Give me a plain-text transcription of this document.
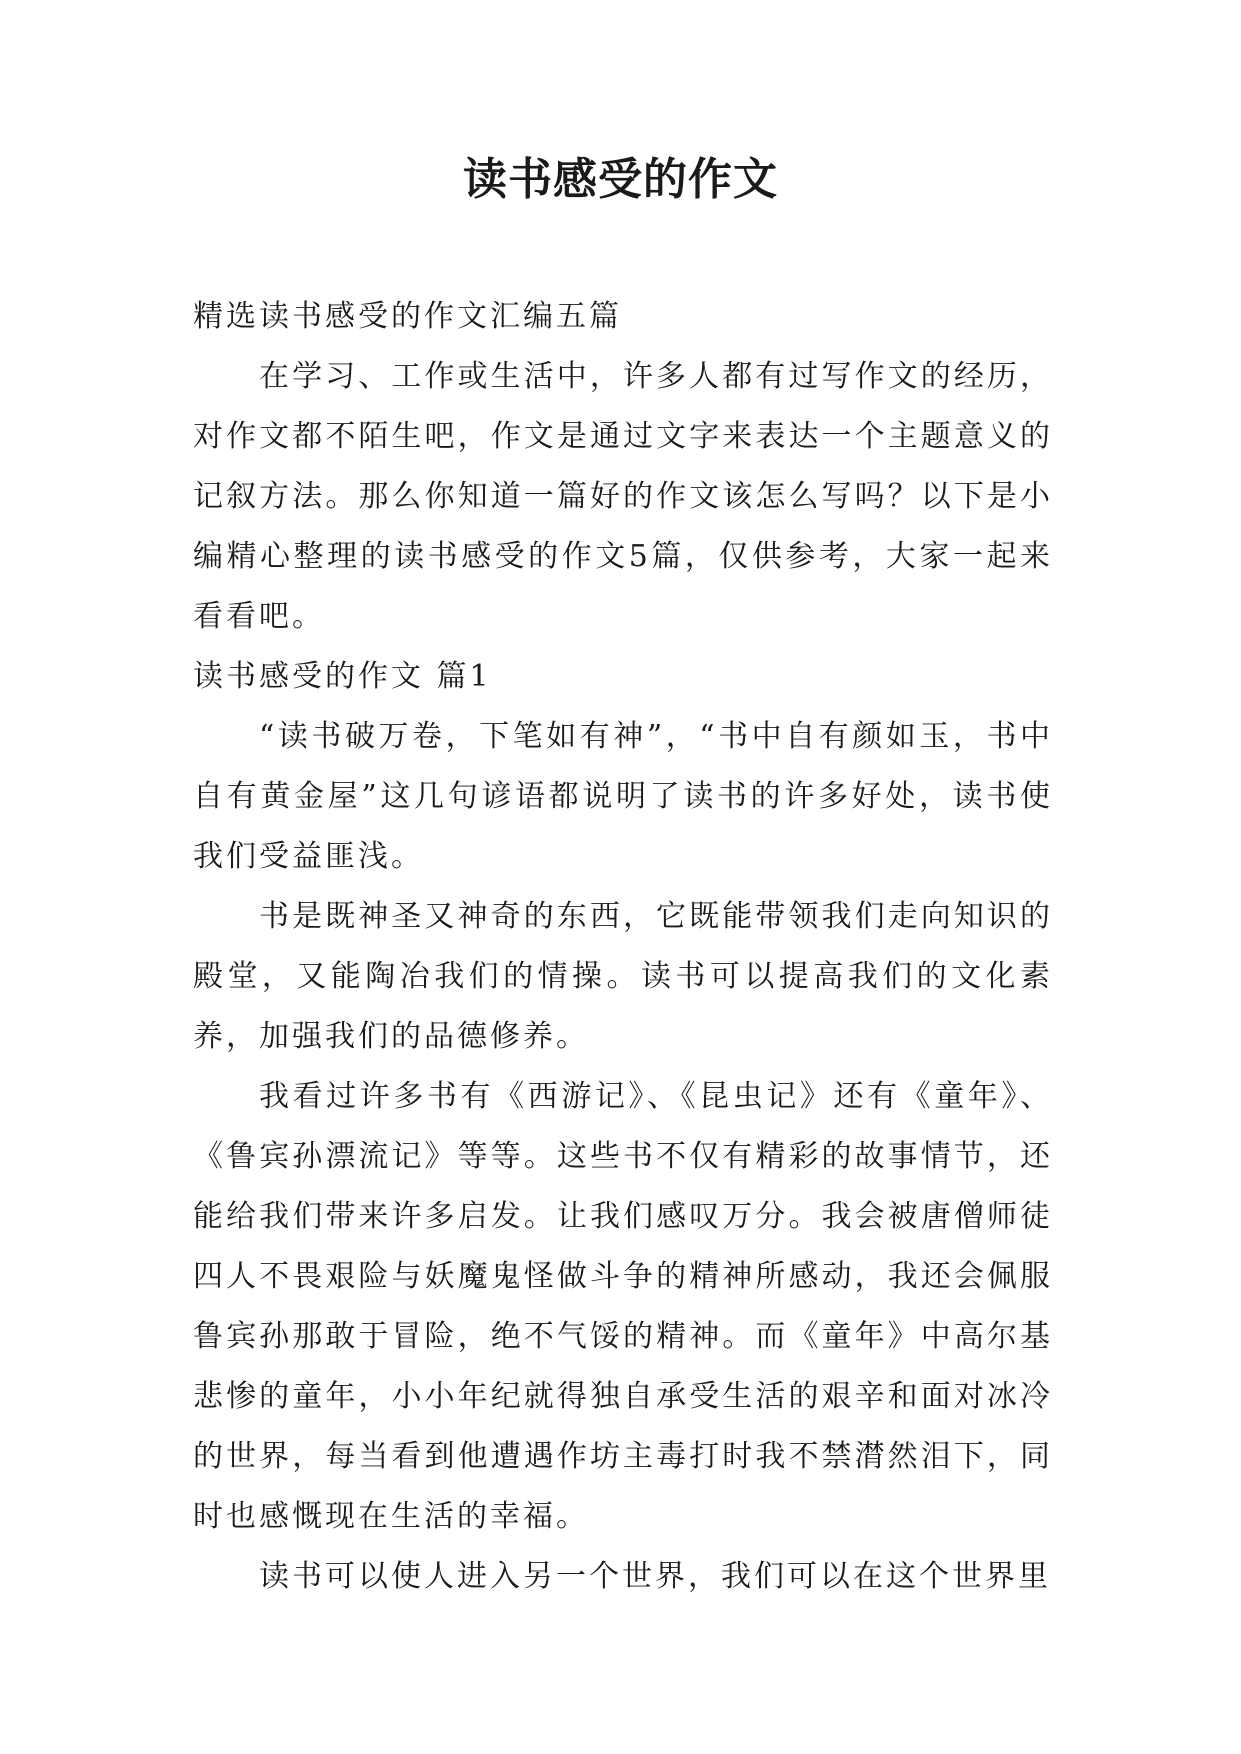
读书感受的作文

精选读书感受的作文汇编五篇

在学习、工作或生活中，许多人都有过写作文的经历，对作文都不陌生吧，作文是通过文字来表达一个主题意义的记叙方法。那么你知道一篇好的作文该怎么写吗？以下是小编精心整理的读书感受的作文5篇，仅供参考，大家一起来看看吧。

读书感受的作文 篇1

“读书破万卷，下笔如有神”，“书中自有颜如玉，书中自有黄金屋”这几句谚语都说明了读书的许多好处，读书使我们受益匪浅。

书是既神圣又神奇的东西，它既能带领我们走向知识的殿堂，又能陶冶我们的情操。读书可以提高我们的文化素养，加强我们的品德修养。

我看过许多书有《西游记》、《昆虫记》还有《童年》、《鲁宾孙漂流记》等等。这些书不仅有精彩的故事情节，还能给我们带来许多启发。让我们感叹万分。我会被唐僧师徒四人不畏艰险与妖魔鬼怪做斗争的精神所感动，我还会佩服鲁宾孙那敢于冒险，绝不气馁的精神。而《童年》中高尔基悲惨的童年，小小年纪就得独自承受生活的艰辛和面对冰冷的世界，每当看到他遭遇作坊主毒打时我不禁潸然泪下，同时也感慨现在生活的幸福。

读书可以使人进入另一个世界，我们可以在这个世界里
